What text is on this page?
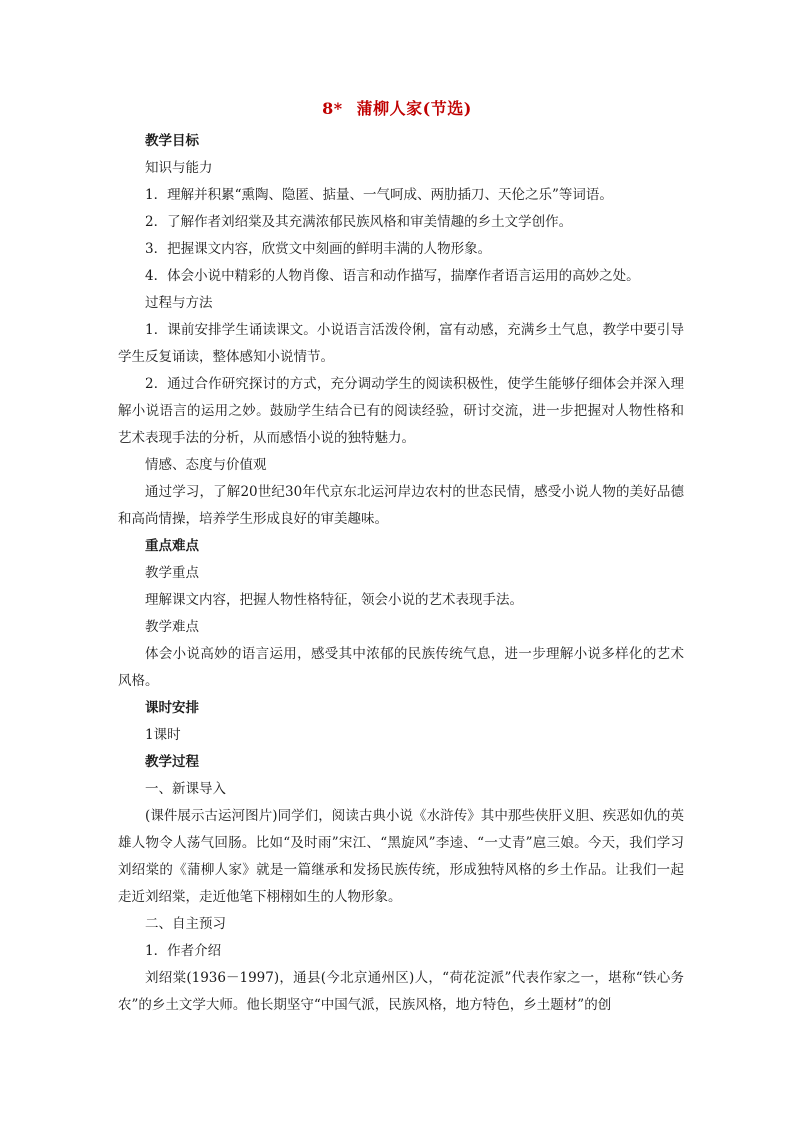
8* 蒲柳人家(节选)

教学目标

知识与能力

1．理解并积累“熏陶、隐匿、掂量、一气呵成、两肋插刀、天伦之乐”等词语。

2．了解作者刘绍棠及其充满浓郁民族风格和审美情趣的乡土文学创作。

3．把握课文内容，欣赏文中刻画的鲜明丰满的人物形象。

4．体会小说中精彩的人物肖像、语言和动作描写，揣摩作者语言运用的高妙之处。

过程与方法

1．课前安排学生诵读课文。小说语言活泼伶俐，富有动感，充满乡土气息，教学中要引导学生反复诵读，整体感知小说情节。

2．通过合作研究探讨的方式，充分调动学生的阅读积极性，使学生能够仔细体会并深入理解小说语言的运用之妙。鼓励学生结合已有的阅读经验，研讨交流，进一步把握对人物性格和艺术表现手法的分析，从而感悟小说的独特魅力。

情感、态度与价值观

通过学习，了解20世纪30年代京东北运河岸边农村的世态民情，感受小说人物的美好品德和高尚情操，培养学生形成良好的审美趣味。

重点难点

教学重点

理解课文内容，把握人物性格特征，领会小说的艺术表现手法。

教学难点

体会小说高妙的语言运用，感受其中浓郁的民族传统气息，进一步理解小说多样化的艺术风格。

课时安排

1课时

教学过程

一、新课导入

(课件展示古运河图片)同学们，阅读古典小说《水浒传》其中那些侠肝义胆、疾恶如仇的英雄人物令人荡气回肠。比如“及时雨”宋江、“黑旋风”李逵、“一丈青”扈三娘。今天，我们学习刘绍棠的《蒲柳人家》就是一篇继承和发扬民族传统，形成独特风格的乡土作品。让我们一起走近刘绍棠，走近他笔下栩栩如生的人物形象。

二、自主预习

1．作者介绍

刘绍棠(1936－1997)，通县(今北京通州区)人，“荷花淀派”代表作家之一，堪称“铁心务农”的乡土文学大师。他长期坚守“中国气派，民族风格，地方特色，乡土题材”的创
